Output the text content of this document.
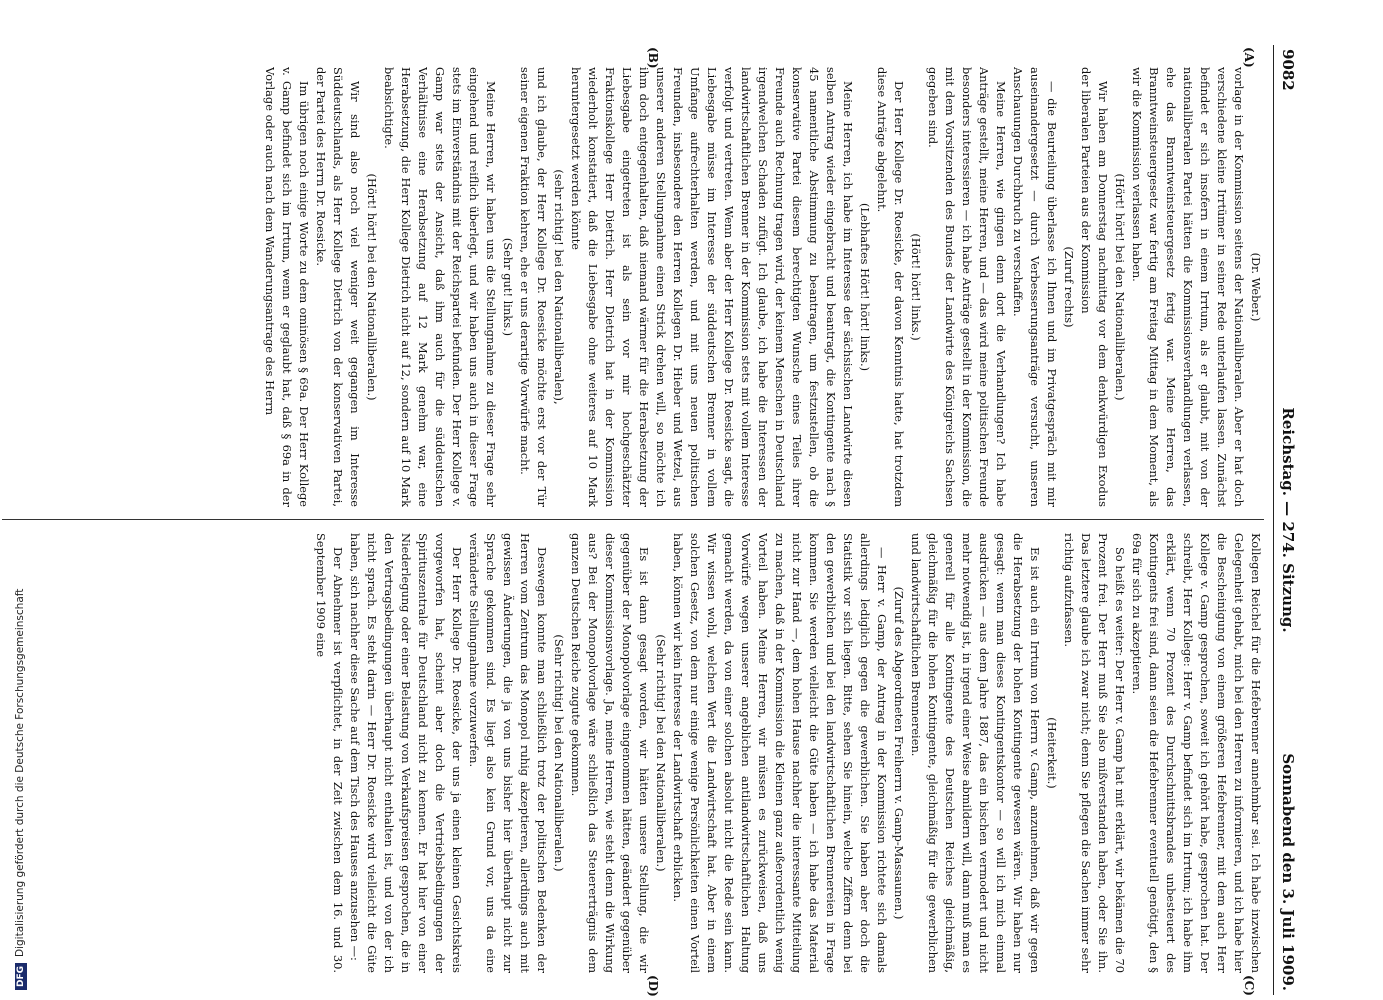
9082
Reichstag. — 274. Sitzung.
Sonnabend den 3. Juli 1909.
(A)
(B)
(C)
(D)

(Dr. Weber.)

vorlage in der Kommission seitens der Nationalliberalen. Aber er hat doch verschiedene kleine Irrtümer in seiner Rede unterlaufen lassen. Zunächst befindet er sich insofern in einem Irrtum, als er glaubt, mit von der nationalliberalen Partei hätten die Kommissionsverhandlungen verlassen, ehe das Branntweinsteuergesetz fertig war. Meine Herren, das Branntweinsteuergesetz war fertig am Freitag Mittag in dem Moment, als wir die Kommission verlassen haben.

(Hört! hört! bei den Nationalliberalen.)

Wir haben am Donnerstag nachmittag vor dem denkwürdigen Exodus der liberalen Parteien aus der Kommission

(Zuruf rechts)

— die Beurteilung überlasse ich Ihnen und im Privatgespräch mit mir auseinandergesetzt — durch Verbesserungsanträge versucht, unseren Anschauungen Durchbruch zu verschaffen.

Meine Herren, wie gingen denn dort die Verhandlungen? Ich habe Anträge gestellt, meine Herren, und — das wird meine politischen Freunde besonders interessieren — ich habe Anträge gestellt in der Kommission, die mit dem Vorsitzenden des Bundes der Landwirte des Königreichs Sachsen gegeben sind.

(Hört! hört! links.)

Der Herr Kollege Dr. Roesicke, der davon Kenntnis hatte, hat trotzdem diese Anträge abgelehnt.

(Lebhaftes Hört! hört! links.)

Meine Herren, ich habe im Interesse der sächsischen Landwirte diesen selben Antrag wieder eingebracht und beantragt, die Kontingente nach § 45 namentliche Abstimmung zu beantragen, um festzustellen, ob die konservative Partei diesem berechtigten Wunsche eines Teiles ihrer Freunde auch Rechnung tragen wird, der keinem Menschen in Deutschland irgendwelchen Schaden zufügt. Ich glaube, ich habe die Interessen der landwirtschaftlichen Brenner in der Kommission stets mit vollem Interesse verfolgt und vertreten. Wenn aber der Herr Kollege Dr. Roesicke sagt, die Liebesgabe müsse im Interesse der süddeutschen Brenner in vollem Umfange aufrechterhalten werden, und mit uns neuen politischen Freunden, insbesondere den Herren Kollegen Dr. Hieber und Wetzel, aus unserer anderen Stellungnahme einen Strick drehen will, so möchte ich ihm doch entgegenhalten, daß niemand wärmer für die Herabsetzung der Liebesgabe eingetreten ist als sein vor mir hochgeschätzter Fraktionskollege Herr Dietrich. Herr Dietrich hat in der Kommission wiederholt konstatiert, daß die Liebesgabe ohne weiteres auf 10 Mark heruntergesetzt werden könnte

(sehr richtig! bei den Nationalliberalen),

und ich glaube, der Herr Kollege Dr. Roesicke möchte erst vor der Tür seiner eigenen Fraktion kehren, ehe er uns derartige Vorwürfe macht.

(Sehr gut! links.)

Meine Herren, wir haben uns die Stellungnahme zu dieser Frage sehr eingehend und reiflich überlegt, und wir haben uns auch in dieser Frage stets im Einverständnis mit der Reichspartei befunden. Der Herr Kollege v. Gamp war stets der Ansicht, daß ihm auch für die süddeutschen Verhältnisse eine Herabsetzung auf 12 Mark genehm war, eine Herabsetzung, die Herr Kollege Dietrich nicht auf 12, sondern auf 10 Mark beabsichtigte.

(Hört! hört! bei den Nationalliberalen.)

Wir sind also noch viel weniger weit gegangen im Interesse Süddeutschlands, als Herr Kollege Dietrich von der konservativen Partei, der Partei des Herrn Dr. Roesicke.

Im übrigen noch einige Worte zu dem ominösen § 69a. Der Herr Kollege v. Gamp befindet sich im Irrtum, wenn er geglaubt hat, daß § 69a in der Vorlage oder auch nach dem Wanderungsantrage des Herrn

Kollegen Reichel für die Hefebrenner annehmbar sei. Ich habe inzwischen Gelegenheit gehabt, mich bei den Herren zu informieren, und ich habe hier die Bescheinigung von einem größeren Hefebrenner, mit dem auch Herr Kollege v. Gamp gesprochen, soweit ich gehört habe, gesprochen hat. Der schreibt, Herr Kollege: Herr v. Gamp befindet sich im Irrtum; ich habe ihm erklärt, wenn 70 Prozent des Durchschnittsbrandes unbesteuert des Kontingents frei sind, dann seien die Hefebrenner eventuell genötigt, den § 69a für sich zu akzeptieren.

So heißt es weiter: Der Herr v. Gamp hat mit erklärt, wir bekämen die 70 Prozent frei. Der Herr muß Sie also mißverstanden haben, oder Sie ihn. Das letztere glaube ich zwar nicht; denn Sie pflegen die Sachen immer sehr richtig aufzufassen.

(Heiterkeit.)

Es ist auch ein Irrtum von Herrn v. Gamp, anzunehmen, daß wir gegen die Herabsetzung der hohen Kontingente gewesen wären. Wir haben nur gesagt: wenn man dieses Kontingentskontor — so will ich mich einmal ausdrücken — aus dem Jahre 1887, das ein bischen vermodert und nicht mehr notwendig ist, in irgend einer Weise abmildern will, dann muß man es generell für alle Kontingente des Deutschen Reiches gleichmäßig, gleichmäßig für die hohen Kontingente, gleichmäßig für die gewerblichen und landwirtschaftlichen Brennereien.

(Zuruf des Abgeordneten Freiherrn v. Gamp-Massaunen.)

— Herr v. Gamp, der Antrag in der Kommission richtete sich damals allerdings lediglich gegen die gewerblichen. Sie haben aber doch die Statistik vor sich liegen. Bitte, sehen Sie hinein, welche Ziffern denn bei den gewerblichen und bei den landwirtschaftlichen Brennereien in Frage kommen. Sie werden vielleicht die Güte haben — ich habe das Material nicht zur Hand —, dem hohen Hause nachher die interessante Mitteilung zu machen, daß in der Kommission die Kleinen ganz außerordentlich wenig Vorteil haben. Meine Herren, wir müssen es zurückweisen, daß uns Vorwürfe wegen unserer angeblichen antilandwirtschaftlichen Haltung gemacht werden, da von einer solchen absolut nicht die Rede sein kann. Wir wissen wohl, welchen Wert die Landwirtschaft hat. Aber in einem solchen Gesetz, von dem nur einige wenige Persönlichkeiten einen Vorteil haben, können wir kein Interesse der Landwirtschaft erblicken.

(Sehr richtig! bei den Nationalliberalen.)

Es ist dann gesagt worden, wir hätten unsere Stellung, die wir gegenüber der Monopolvorlage eingenommen hätten, geändert gegenüber dieser Kommissionsvorlage. Ja, meine Herren, wie steht denn die Wirkung aus? Bei der Monopolvorlage wäre schließlich das Steuererträgnis dem ganzen Deutschen Reiche zugute gekommen.

(Sehr richtig! bei den Nationalliberalen.)

Deswegen konnte man schließlich trotz der politischen Bedenken der Herren vom Zentrum das Monopol ruhig akzeptieren, allerdings auch mit gewissen Änderungen, die ja von uns bisher hier überhaupt nicht zur Sprache gekommen sind. Es liegt also kein Grund vor, uns da eine veränderte Stellungnahme vorzuwerfen.

Der Herr Kollege Dr. Roesicke, der uns ja einen kleinen Gesichtskreis vorgeworfen hat, scheint aber doch die Vertriebsbedingungen der Spirituszentrale für Deutschland nicht zu kennen. Er hat hier von einer Niederlegung oder einer Belastung von Verkaufspreisen gesprochen, die in den Vertragsbedingungen überhaupt nicht enthalten ist, und von der ich nicht sprach. Es steht darin — Herr Dr. Roesicke wird vielleicht die Güte haben, sich nachher diese Sache auf dem Tisch des Hauses anzusehen —:

Der Abnehmer ist verpflichtet, in der Zeit zwischen dem 16. und 30. September 1909 eine

DFGDigitalisierung gefördert durch die Deutsche Forschungsgemeinschaft
